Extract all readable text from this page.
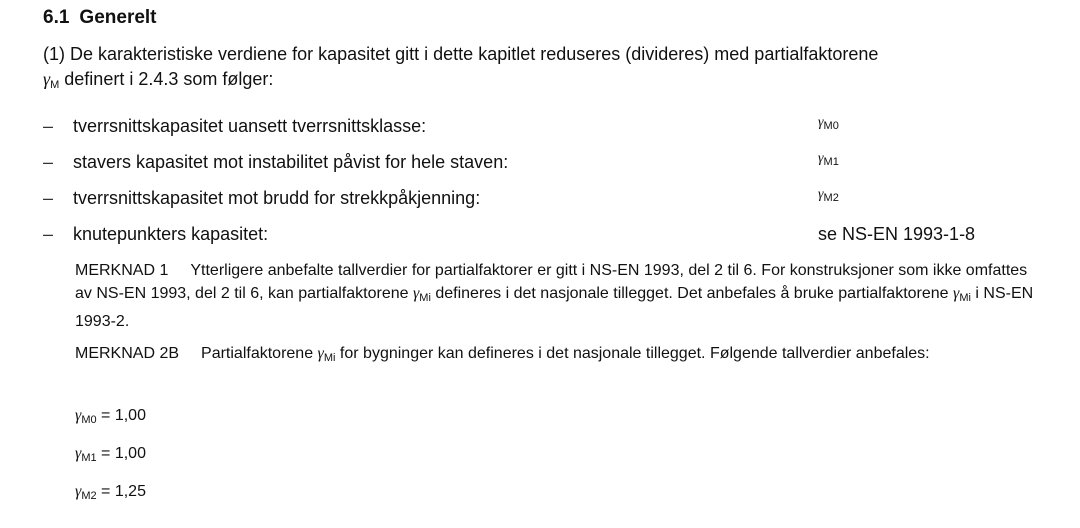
6.1 Generelt

(1) De karakteristiske verdiene for kapasitet gitt i dette kapitlet reduseres (divideres) med partialfaktorene
$\gamma_M$ definert i 2.4.3 som følger:

– tverrsnittskapasitet uansett tverrsnittsklasse:	$\gamma_{M0}$
– stavers kapasitet mot instabilitet påvist for hele staven:	$\gamma_{M1}$
– tverrsnittskapasitet mot brudd for strekkpåkjenning:	$\gamma_{M2}$
– knutepunkters kapasitet:	se NS-EN 1993-1-8

MERKNAD 1 Ytterligere anbefalte tallverdier for partialfaktorer er gitt i NS-EN 1993, del 2 til 6. For konstruksjoner som ikke omfattes av NS-EN 1993, del 2 til 6, kan partialfaktorene $\gamma_{Mi}$ defineres i det nasjonale tillegget. Det anbefales å bruke partialfaktorene $\gamma_{Mi}$ i NS-EN 1993-2.

MERKNAD 2B Partialfaktorene $\gamma_{Mi}$ for bygninger kan defineres i det nasjonale tillegget. Følgende tallverdier anbefales:

$\gamma_{M0} = 1,00$
$\gamma_{M1} = 1,00$
$\gamma_{M2} = 1,25$
